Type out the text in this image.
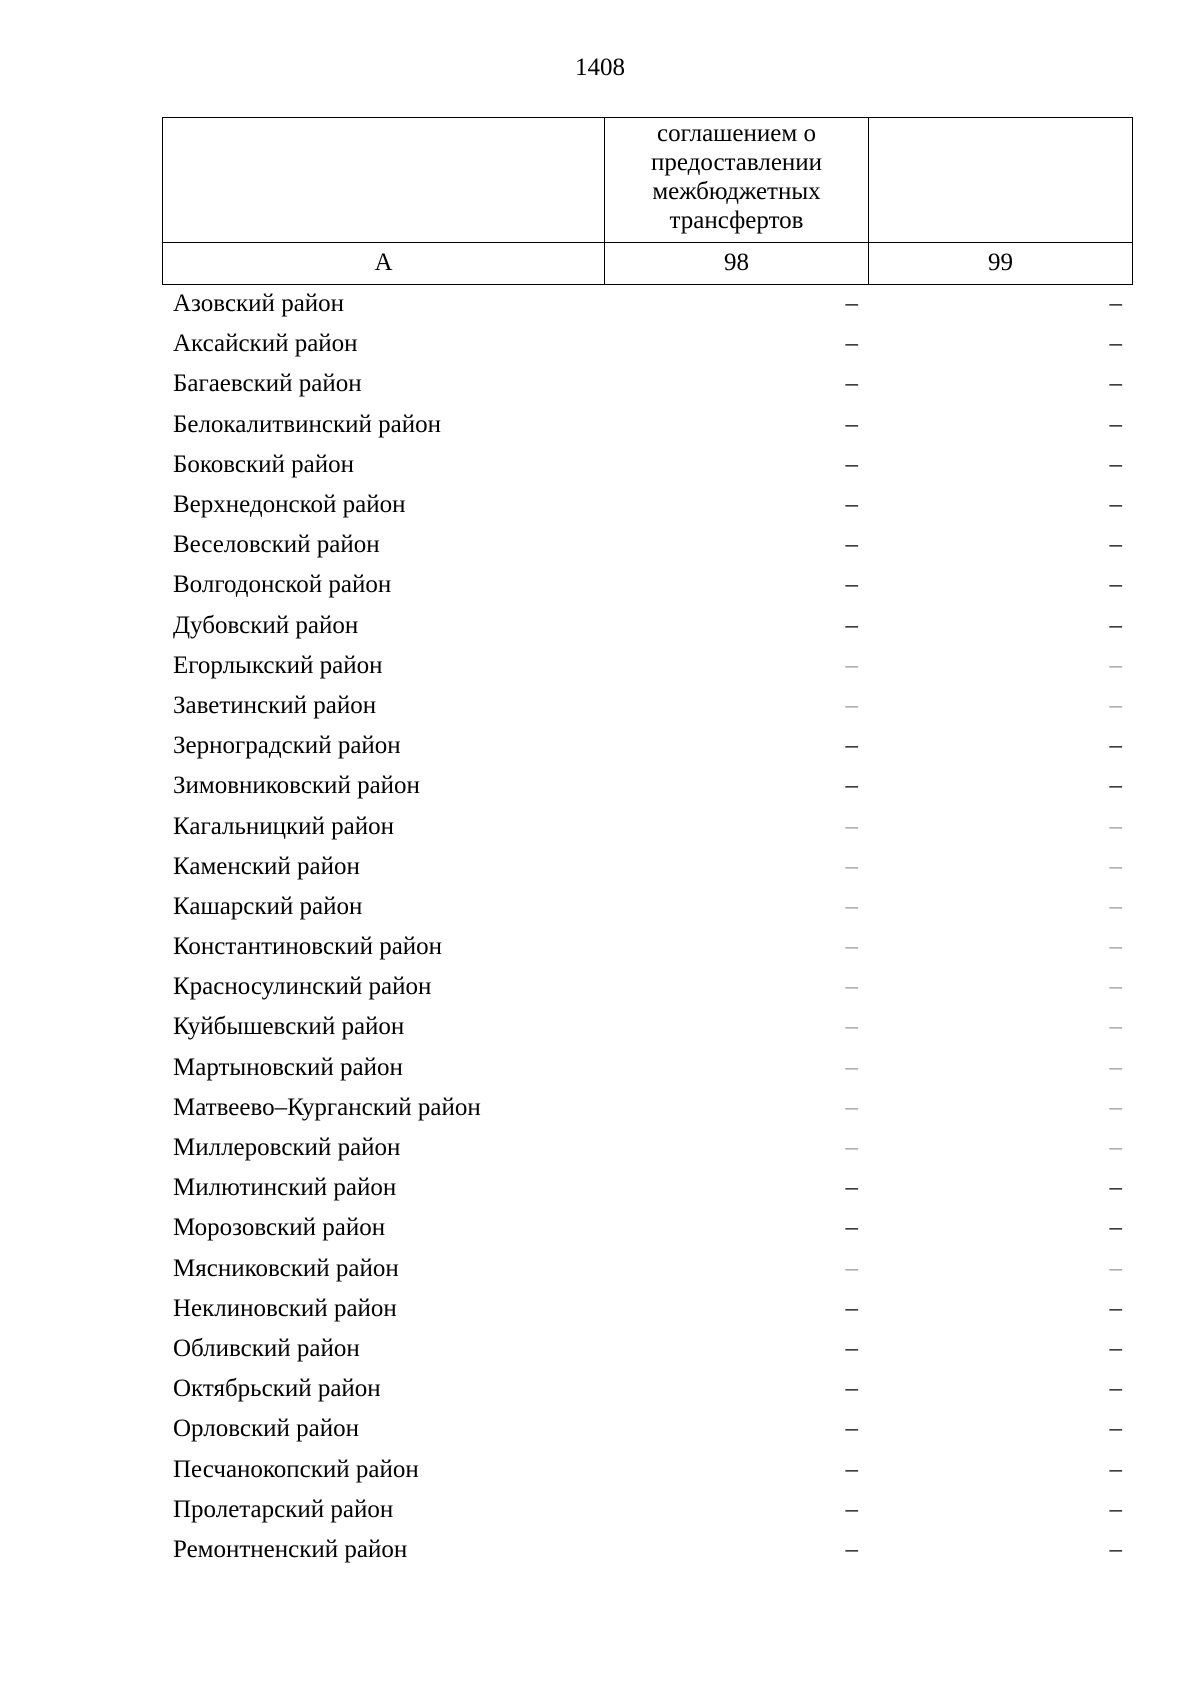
1408

	соглашением о
предоставлении
межбюджетных
трансфертов	

А	98	99
Азовский район	–	–
Аксайский район	–	–
Багаевский район	–	–
Белокалитвинский район	–	–
Боковский район	–	–
Верхнедонской район	–	–
Веселовский район	–	–
Волгодонской район	–	–
Дубовский район	–	–
Егорлыкский район	–	–
Заветинский район	–	–
Зерноградский район	–	–
Зимовниковский район	–	–
Кагальницкий район	–	–
Каменский район	–	–
Кашарский район	–	–
Константиновский район	–	–
Красносулинский район	–	–
Куйбышевский район	–	–
Мартыновский район	–	–
Матвеево–Курганский район	–	–
Миллеровский район	–	–
Милютинский район	–	–
Морозовский район	–	–
Мясниковский район	–	–
Неклиновский район	–	–
Обливский район	–	–
Октябрьский район	–	–
Орловский район	–	–
Песчанокопский район	–	–
Пролетарский район	–	–
Ремонтненский район	–	–
